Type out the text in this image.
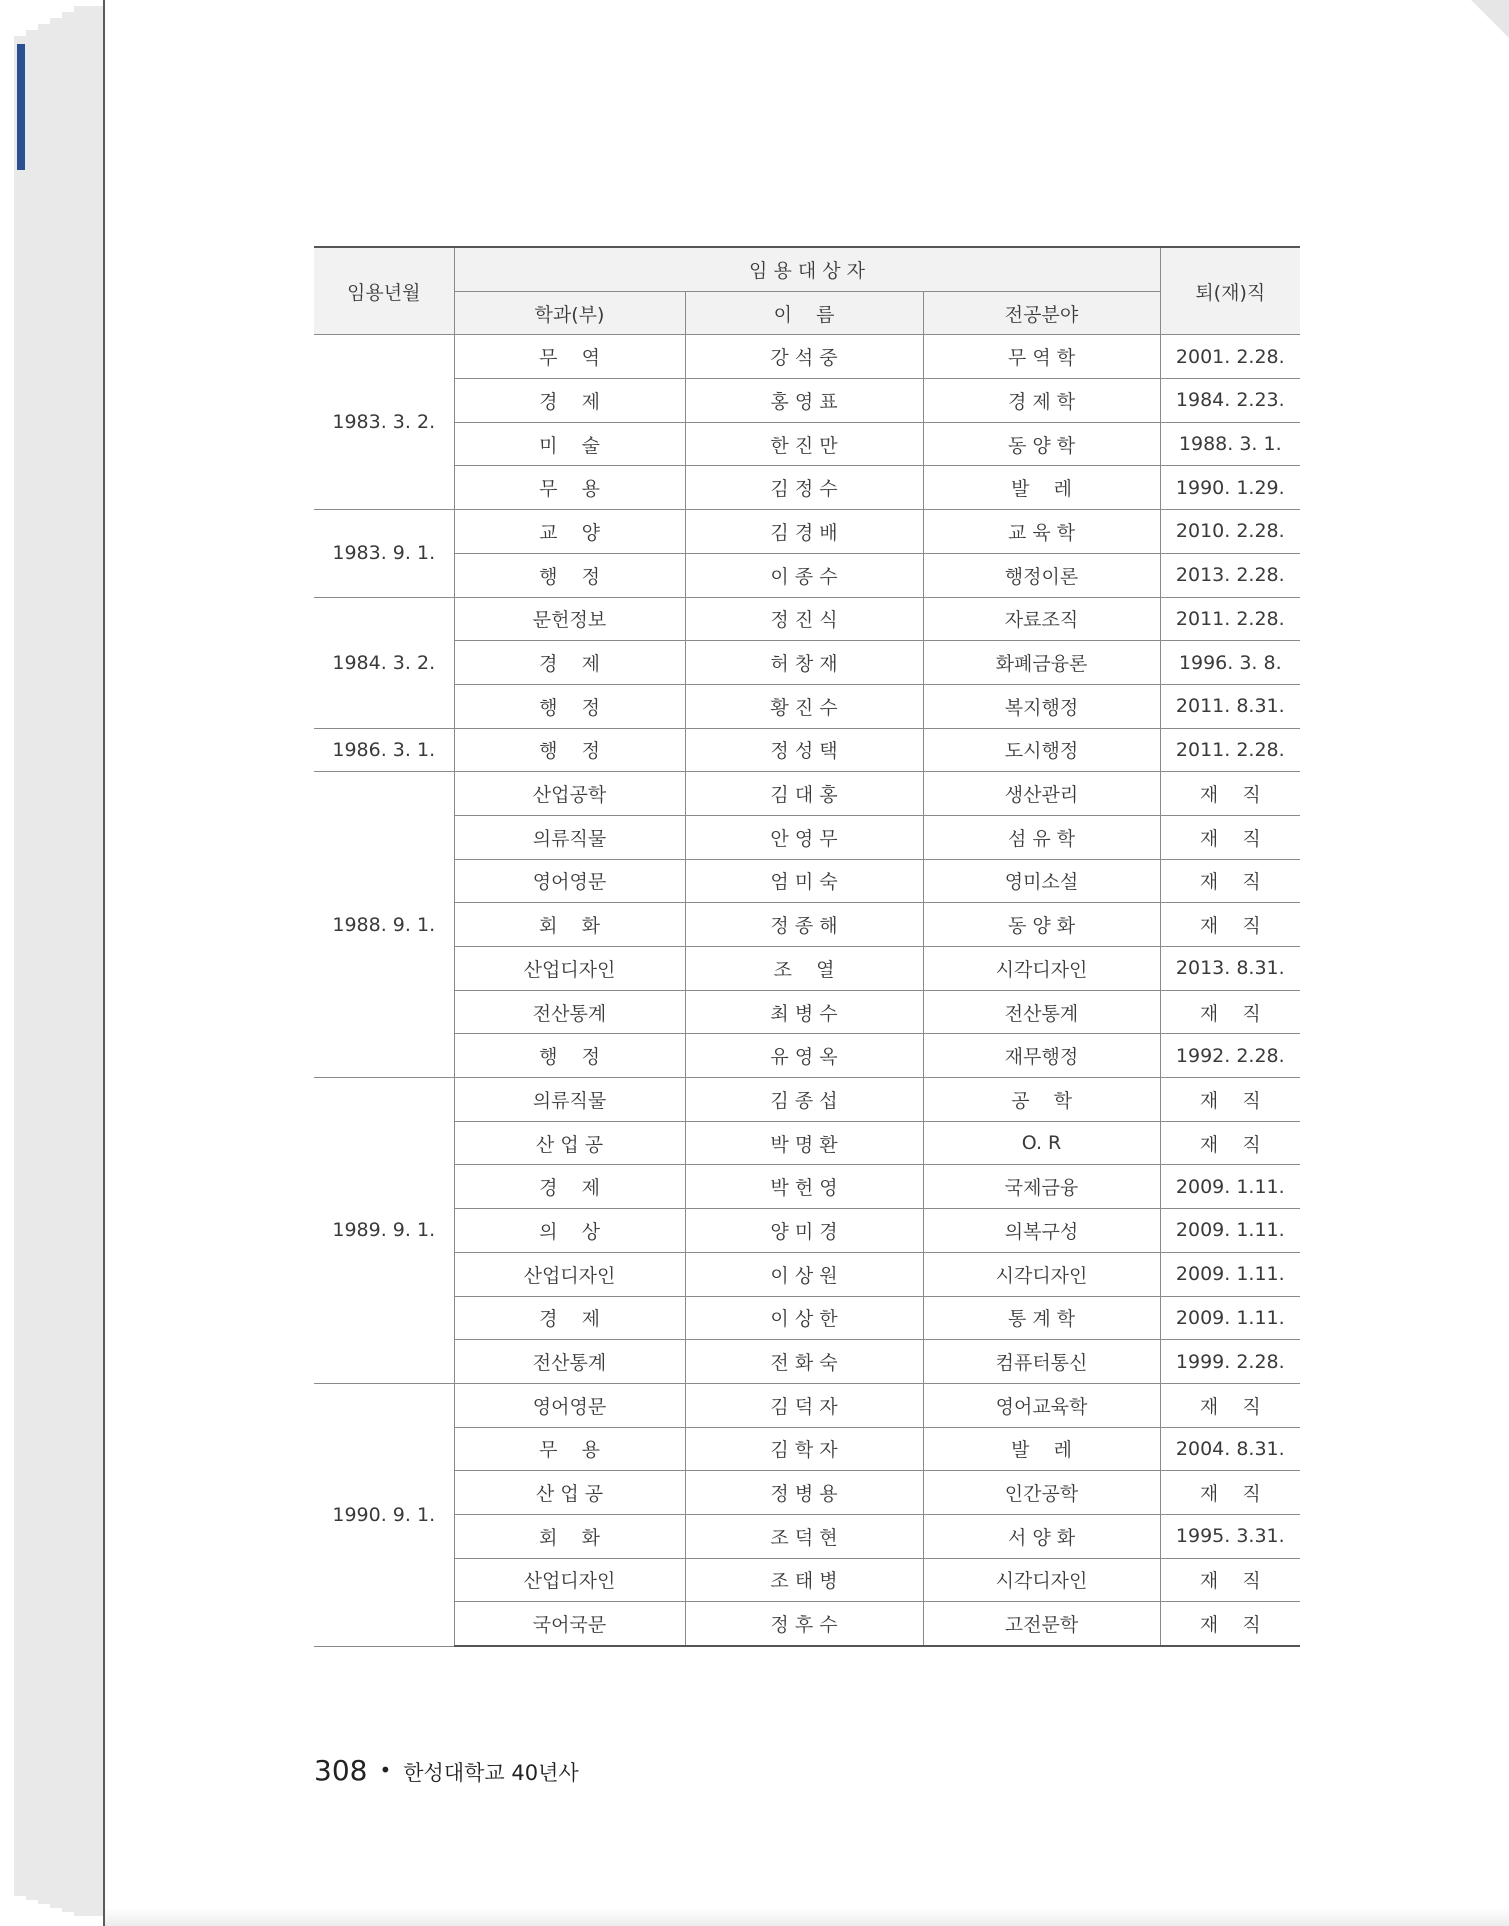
임용년월	임 용 대 상 자			퇴(재)직
	학과(부)	이    름	전공분야	
1983. 3. 2.	무    역	강 석 중	무 역 학	2001. 2.28.
	경    제	홍 영 표	경 제 학	1984. 2.23.
	미    술	한 진 만	동 양 학	1988. 3. 1.
	무    용	김 정 수	발    레	1990. 1.29.
1983. 9. 1.	교    양	김 경 배	교 육 학	2010. 2.28.
	행    정	이 종 수	행정이론	2013. 2.28.
1984. 3. 2.	문헌정보	정 진 식	자료조직	2011. 2.28.
	경    제	허 창 재	화폐금융론	1996. 3. 8.
	행    정	황 진 수	복지행정	2011. 8.31.
1986. 3. 1.	행    정	정 성 택	도시행정	2011. 2.28.
1988. 9. 1.	산업공학	김 대 홍	생산관리	재    직
	의류직물	안 영 무	섬 유 학	재    직
	영어영문	엄 미 숙	영미소설	재    직
	회    화	정 종 해	동 양 화	재    직
	산업디자인	조    열	시각디자인	2013. 8.31.
	전산통계	최 병 수	전산통계	재    직
	행    정	유 영 옥	재무행정	1992. 2.28.
1989. 9. 1.	의류직물	김 종 섭	공    학	재    직
	산 업 공	박 명 환	O. R	재    직
	경    제	박 헌 영	국제금융	2009. 1.11.
	의    상	양 미 경	의복구성	2009. 1.11.
	산업디자인	이 상 원	시각디자인	2009. 1.11.
	경    제	이 상 한	통 계 학	2009. 1.11.
	전산통계	전 화 숙	컴퓨터통신	1999. 2.28.
1990. 9. 1.	영어영문	김 덕 자	영어교육학	재    직
	무    용	김 학 자	발    레	2004. 8.31.
	산 업 공	정 병 용	인간공학	재    직
	회    화	조 덕 현	서 양 화	1995. 3.31.
	산업디자인	조 태 병	시각디자인	재    직
	국어국문	정 후 수	고전문학	재    직
308 • 한성대학교 40년사
